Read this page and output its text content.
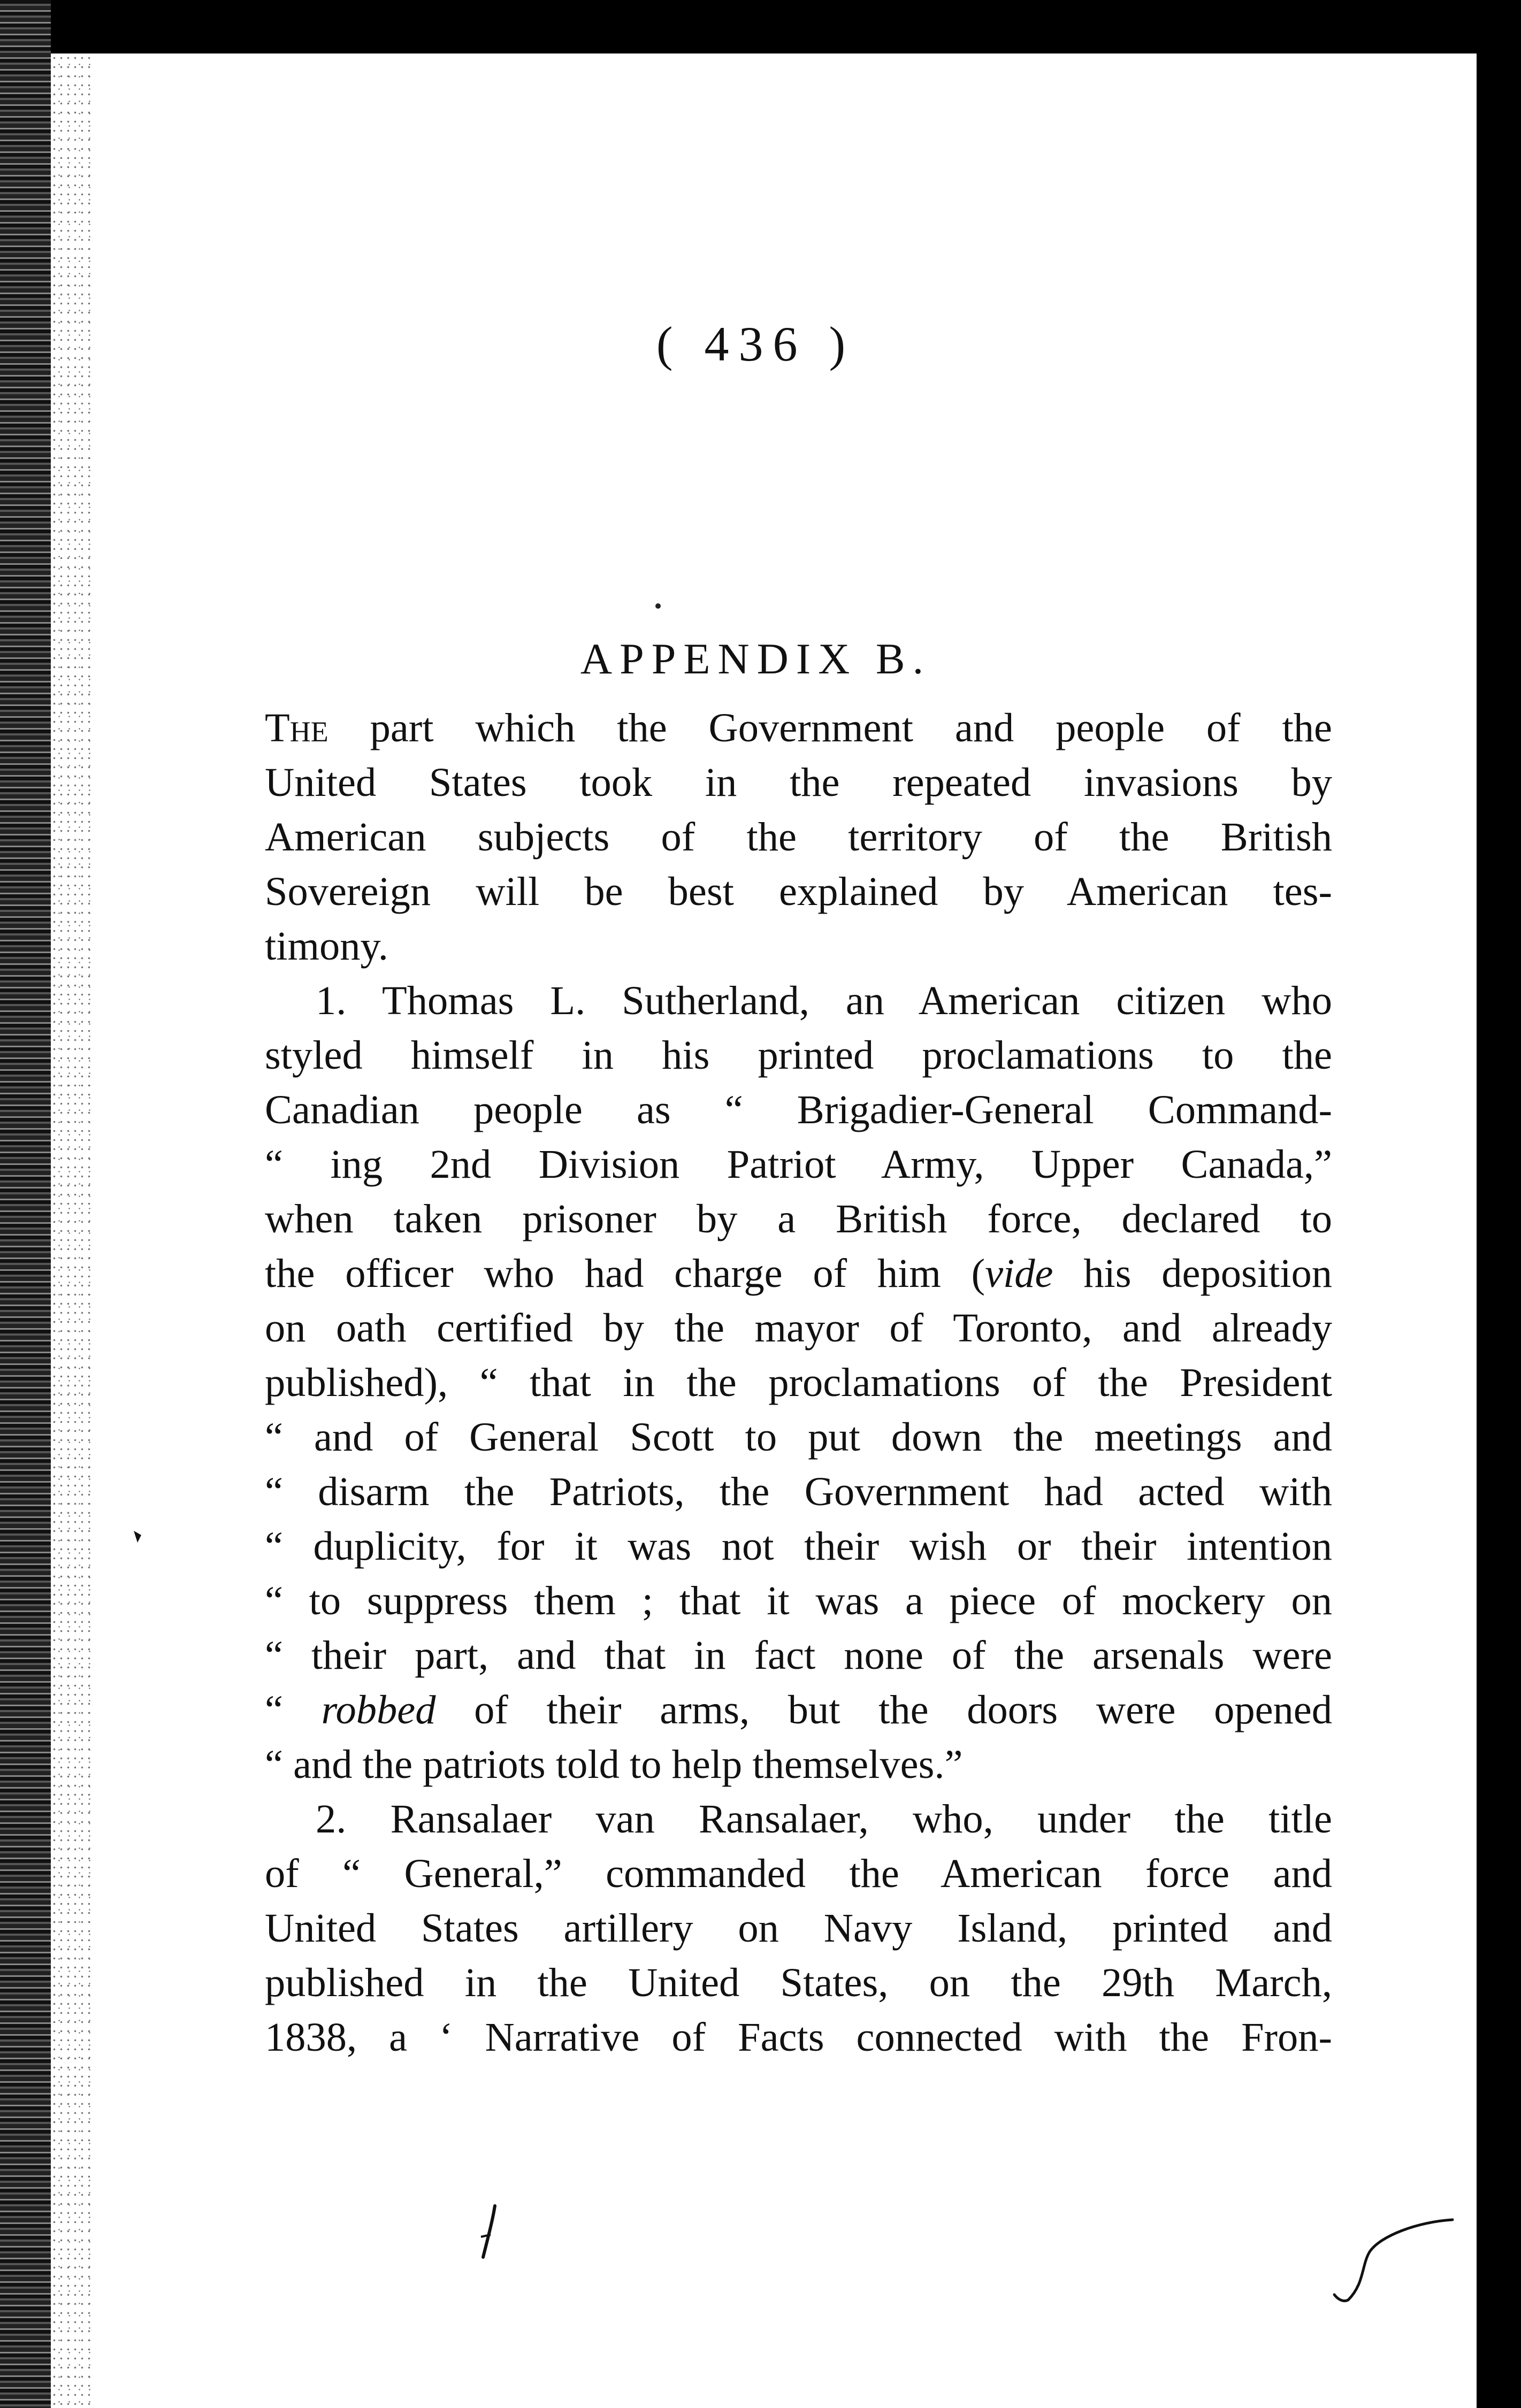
( 436 )
APPENDIX B.
The part which the Government and people of the
United States took in the repeated invasions by
American subjects of the territory of the British
Sovereign will be best explained by American tes-
timony.
1. Thomas L. Sutherland, an American citizen who
styled himself in his printed proclamations to the
Canadian people as “ Brigadier-General Command-
“ ing 2nd Division Patriot Army, Upper Canada,”
when taken prisoner by a British force, declared to
the officer who had charge of him (vide his deposition
on oath certified by the mayor of Toronto, and already
published), “ that in the proclamations of the President
“ and of General Scott to put down the meetings and
“ disarm the Patriots, the Government had acted with
“ duplicity, for it was not their wish or their intention
“ to suppress them ; that it was a piece of mockery on
“ their part, and that in fact none of the arsenals were
“ robbed of their arms, but the doors were opened
“ and the patriots told to help themselves.”
2. Ransalaer van Ransalaer, who, under the title
of “ General,” commanded the American force and
United States artillery on Navy Island, printed and
published in the United States, on the 29th March,
1838, a ‘ Narrative of Facts connected with the Fron-
